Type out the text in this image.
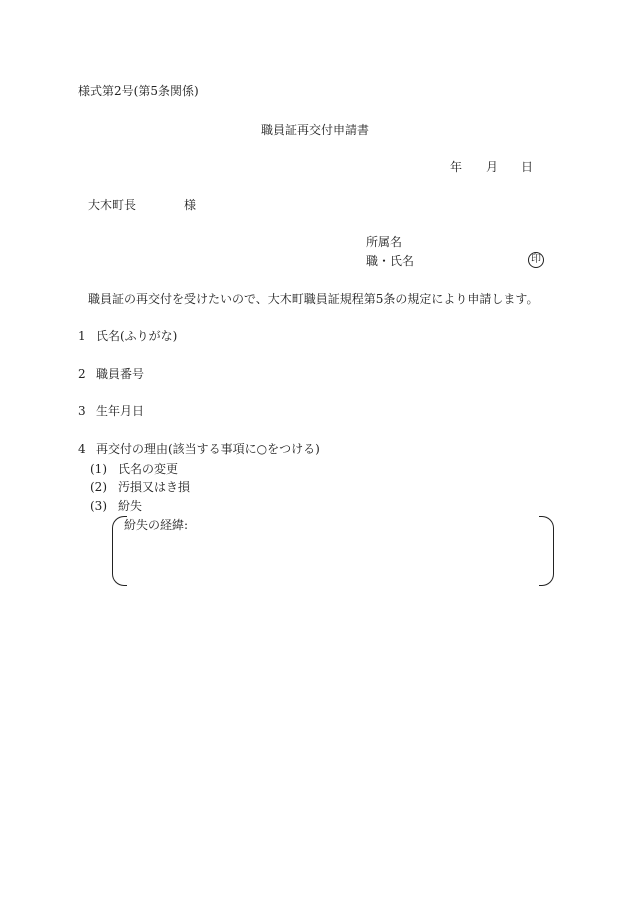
様式第2号(第5条関係)
職員証再交付申請書
年 月 日
大木町長	様
所属名
職・氏名	印
職員証の再交付を受けたいので、大木町職員証規程第5条の規定により申請します。
1 氏名(ふりがな)
2 職員番号
3 生年月日
4 再交付の理由(該当する事項に○をつける)
(1) 氏名の変更
(2) 汚損又はき損
(3) 紛失
紛失の経緯:
